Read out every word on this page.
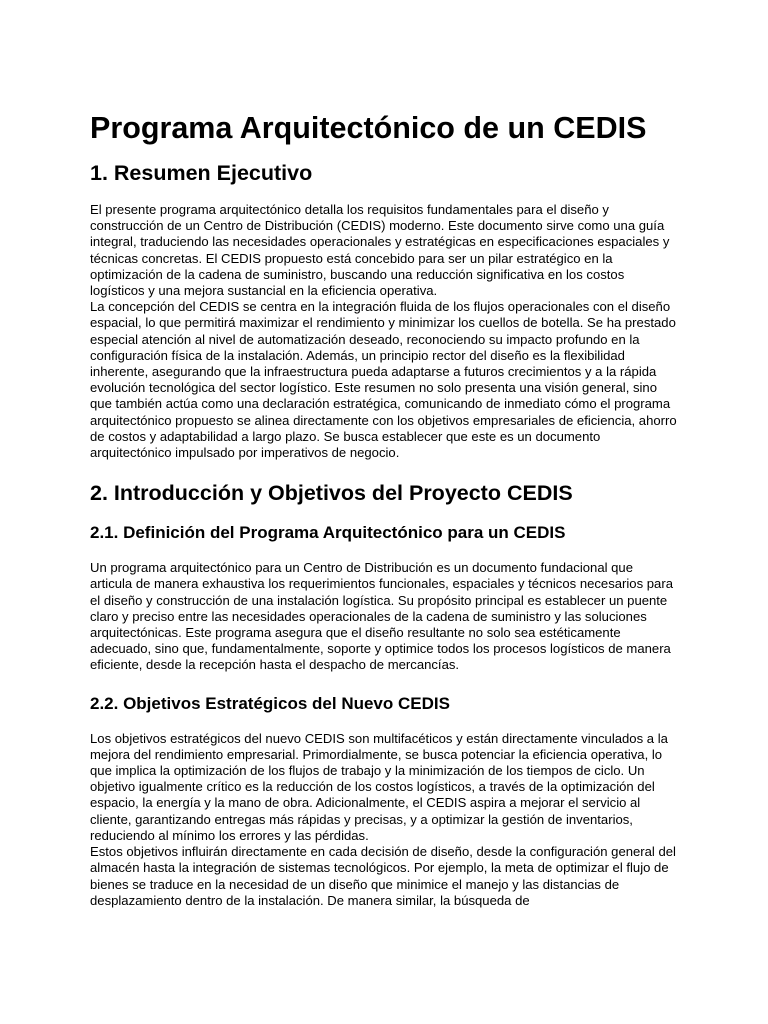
Programa Arquitectónico de un CEDIS
1. Resumen Ejecutivo

El presente programa arquitectónico detalla los requisitos fundamentales para el diseño y construcción de un Centro de Distribución (CEDIS) moderno. Este documento sirve como una guía integral, traduciendo las necesidades operacionales y estratégicas en especificaciones espaciales y técnicas concretas. El CEDIS propuesto está concebido para ser un pilar estratégico en la optimización de la cadena de suministro, buscando una reducción significativa en los costos logísticos y una mejora sustancial en la eficiencia operativa.

La concepción del CEDIS se centra en la integración fluida de los flujos operacionales con el diseño espacial, lo que permitirá maximizar el rendimiento y minimizar los cuellos de botella. Se ha prestado especial atención al nivel de automatización deseado, reconociendo su impacto profundo en la configuración física de la instalación. Además, un principio rector del diseño es la flexibilidad inherente, asegurando que la infraestructura pueda adaptarse a futuros crecimientos y a la rápida evolución tecnológica del sector logístico. Este resumen no solo presenta una visión general, sino que también actúa como una declaración estratégica, comunicando de inmediato cómo el programa arquitectónico propuesto se alinea directamente con los objetivos empresariales de eficiencia, ahorro de costos y adaptabilidad a largo plazo. Se busca establecer que este es un documento arquitectónico impulsado por imperativos de negocio.

2. Introducción y Objetivos del Proyecto CEDIS
2.1. Definición del Programa Arquitectónico para un CEDIS

Un programa arquitectónico para un Centro de Distribución es un documento fundacional que articula de manera exhaustiva los requerimientos funcionales, espaciales y técnicos necesarios para el diseño y construcción de una instalación logística. Su propósito principal es establecer un puente claro y preciso entre las necesidades operacionales de la cadena de suministro y las soluciones arquitectónicas. Este programa asegura que el diseño resultante no solo sea estéticamente adecuado, sino que, fundamentalmente, soporte y optimice todos los procesos logísticos de manera eficiente, desde la recepción hasta el despacho de mercancías.

2.2. Objetivos Estratégicos del Nuevo CEDIS

Los objetivos estratégicos del nuevo CEDIS son multifacéticos y están directamente vinculados a la mejora del rendimiento empresarial. Primordialmente, se busca potenciar la eficiencia operativa, lo que implica la optimización de los flujos de trabajo y la minimización de los tiempos de ciclo. Un objetivo igualmente crítico es la reducción de los costos logísticos, a través de la optimización del espacio, la energía y la mano de obra. Adicionalmente, el CEDIS aspira a mejorar el servicio al cliente, garantizando entregas más rápidas y precisas, y a optimizar la gestión de inventarios, reduciendo al mínimo los errores y las pérdidas.

Estos objetivos influirán directamente en cada decisión de diseño, desde la configuración general del almacén hasta la integración de sistemas tecnológicos. Por ejemplo, la meta de optimizar el flujo de bienes se traduce en la necesidad de un diseño que minimice el manejo y las distancias de desplazamiento dentro de la instalación. De manera similar, la búsqueda de
